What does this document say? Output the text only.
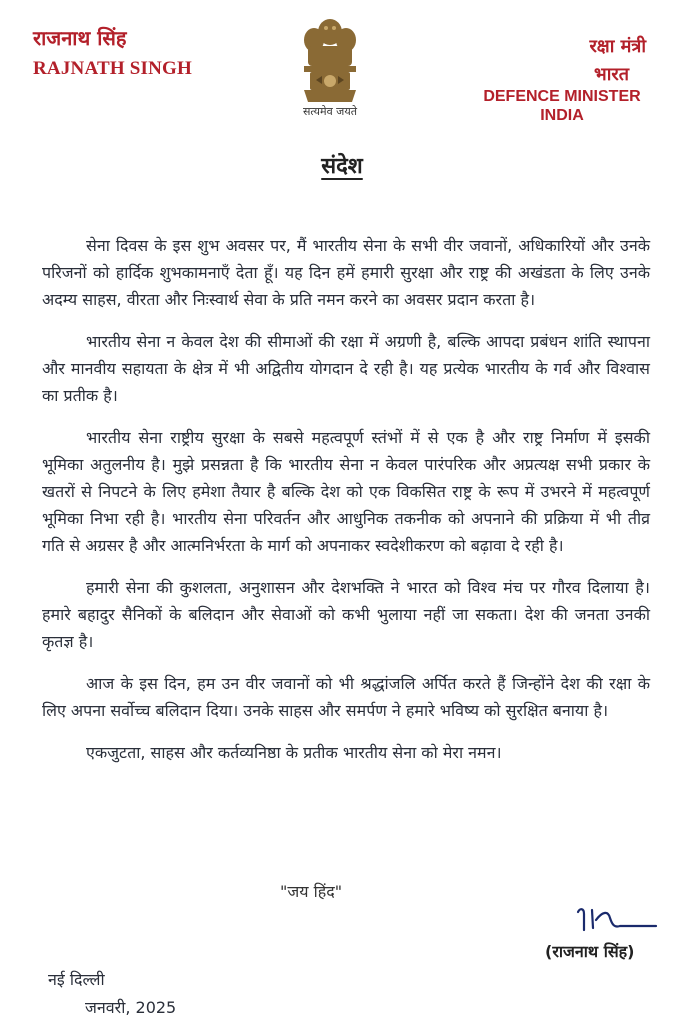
राजनाथ सिंह
RAJNATH SINGH
सत्यमेव जयते
रक्षा मंत्री
भारत
DEFENCE MINISTER
INDIA
संदेश

सेना दिवस के इस शुभ अवसर पर, मैं भारतीय सेना के सभी वीर जवानों, अधिकारियों और उनके परिजनों को हार्दिक शुभकामनाएँ देता हूँ। यह दिन हमें हमारी सुरक्षा और राष्ट्र की अखंडता के लिए उनके अदम्य साहस, वीरता और निःस्वार्थ सेवा के प्रति नमन करने का अवसर प्रदान करता है।

भारतीय सेना न केवल देश की सीमाओं की रक्षा में अग्रणी है, बल्कि आपदा प्रबंधन शांति स्थापना और मानवीय सहायता के क्षेत्र में भी अद्वितीय योगदान दे रही है। यह प्रत्येक भारतीय के गर्व और विश्वास का प्रतीक है।

भारतीय सेना राष्ट्रीय सुरक्षा के सबसे महत्वपूर्ण स्तंभों में से एक है और राष्ट्र निर्माण में इसकी भूमिका अतुलनीय है। मुझे प्रसन्नता है कि भारतीय सेना न केवल पारंपरिक और अप्रत्यक्ष सभी प्रकार के खतरों से निपटने के लिए हमेशा तैयार है बल्कि देश को एक विकसित राष्ट्र के रूप में उभरने में महत्वपूर्ण भूमिका निभा रही है। भारतीय सेना परिवर्तन और आधुनिक तकनीक को अपनाने की प्रक्रिया में भी तीव्र गति से अग्रसर है और आत्मनिर्भरता के मार्ग को अपनाकर स्वदेशीकरण को बढ़ावा दे रही है।

हमारी सेना की कुशलता, अनुशासन और देशभक्ति ने भारत को विश्व मंच पर गौरव दिलाया है। हमारे बहादुर सैनिकों के बलिदान और सेवाओं को कभी भुलाया नहीं जा सकता। देश की जनता उनकी कृतज्ञ है।

आज के इस दिन, हम उन वीर जवानों को भी श्रद्धांजलि अर्पित करते हैं जिन्होंने देश की रक्षा के लिए अपना सर्वोच्च बलिदान दिया। उनके साहस और समर्पण ने हमारे भविष्य को सुरक्षित बनाया है।

एकजुटता, साहस और कर्तव्यनिष्ठा के प्रतीक भारतीय सेना को मेरा नमन।

"जय हिंद"
(राजनाथ सिंह)
नई दिल्ली
जनवरी, 2025
